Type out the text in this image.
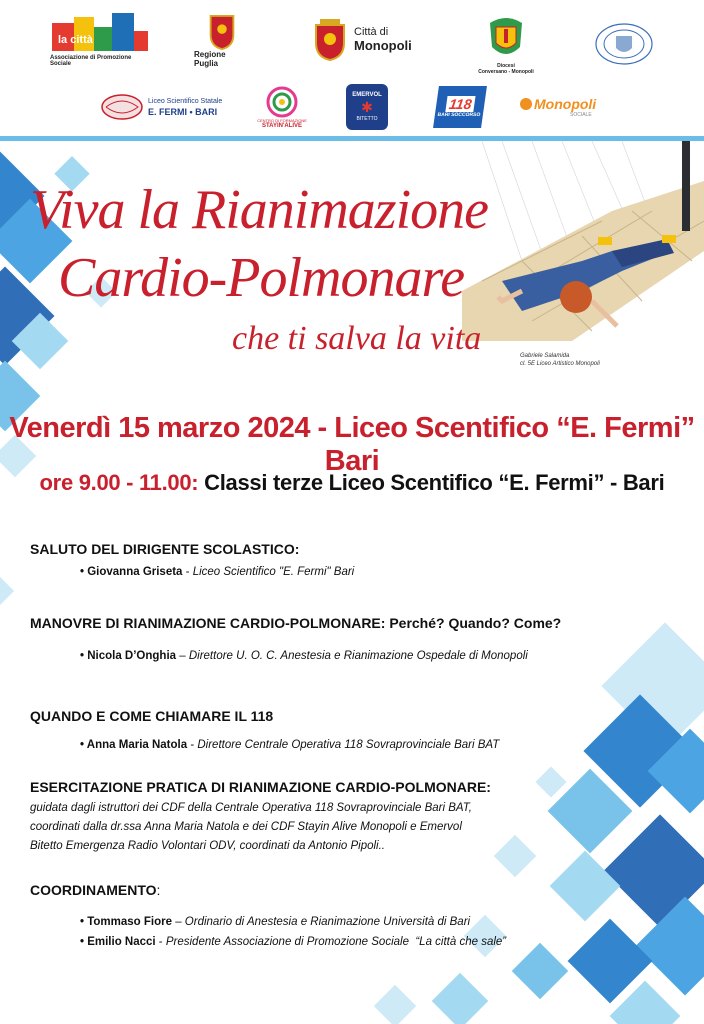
la città
Associazione di Promozione Sociale
Regione Puglia
Città di
Monopoli
Diocesi
Conversano - Monopoli
Liceo Scientifico Statale
E. FERMI • BARI
CENTRO DI FORMAZIONE
STAYIN'ALIVE
EMERVOL
✱
BITETTO
118
BARI SOCCORSO
Monopoli
SOCIALE
Gabriele Salamida
cl. 5E Liceo Artistico Monopoli
Viva la Rianimazione
Cardio-Polmonare
che ti salva la vita
Venerdì 15 marzo 2024 - Liceo Scentifico “E. Fermi” Bari
ore 9.00 - 11.00: Classi terze Liceo Scentifico “E. Fermi” - Bari
SALUTO DEL DIRIGENTE SCOLASTICO:
• Giovanna Griseta - Liceo Scientifico "E. Fermi" Bari
MANOVRE DI RIANIMAZIONE CARDIO-POLMONARE: Perché? Quando? Come?
• Nicola D’Onghia – Direttore U. O. C. Anestesia e Rianimazione Ospedale di Monopoli
QUANDO E COME CHIAMARE IL 118
• Anna Maria Natola - Direttore Centrale Operativa 118 Sovraprovinciale Bari BAT
ESERCITAZIONE PRATICA DI RIANIMAZIONE CARDIO-POLMONARE:
guidata dagli istruttori dei CDF della Centrale Operativa 118 Sovraprovinciale Bari BAT,
coordinati dalla dr.ssa Anna Maria Natola e dei CDF Stayin Alive Monopoli e Emervol
Bitetto Emergenza Radio Volontari ODV, coordinati da Antonio Pipoli..
COORDINAMENTO:
• Tommaso Fiore – Ordinario di Anestesia e Rianimazione Università di Bari
• Emilio Nacci - Presidente Associazione di Promozione Sociale  “La città che sale”
